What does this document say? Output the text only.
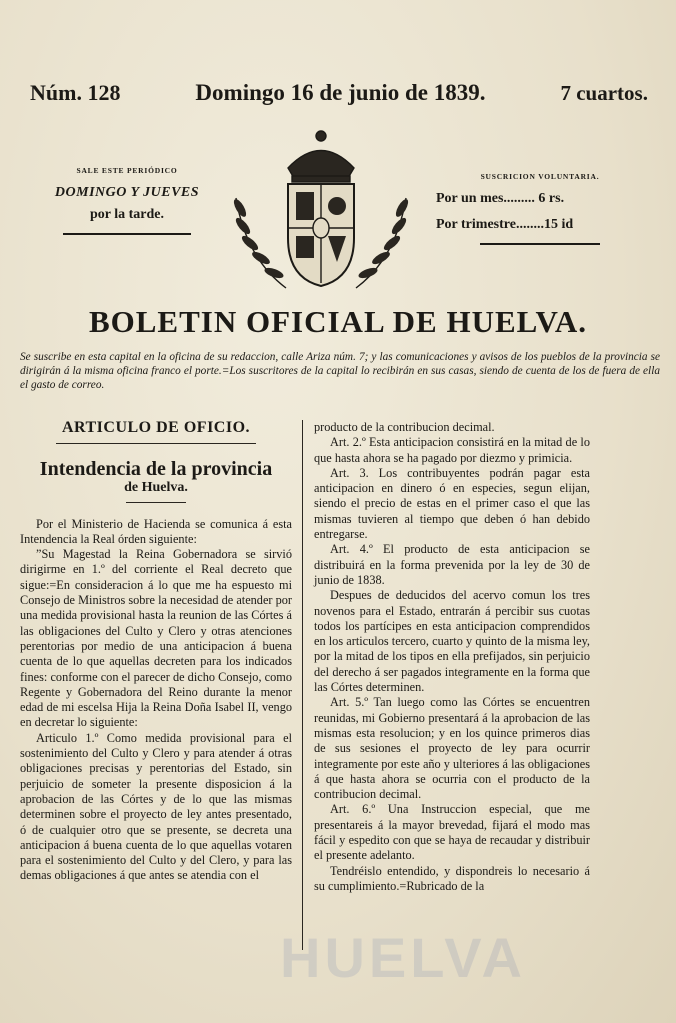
Núm. 128	Domingo 16 de junio de 1839.	7 cuartos.
SALE ESTE PERIÓDICO
DOMINGO Y JUEVES
por la tarde.
SUSCRICION VOLUNTARIA.
Por un mes......... 6 rs.
Por trimestre........15 id
BOLETIN OFICIAL DE HUELVA.
Se suscribe en esta capital en la oficina de su redaccion, calle Ariza núm. 7; y las comunicaciones y avisos de los pueblos de la provincia se dirigirán á la misma oficina franco el porte.=Los suscritores de la capital lo recibirán en sus casas, siendo de cuenta de los de fuera de ella el gasto de correo.
ARTICULO DE OFICIO.
Intendencia de la provincia
de Huelva.

Por el Ministerio de Hacienda se comunica á esta Intendencia la Real órden siguiente:

”Su Magestad la Reina Gobernadora se sirvió dirigirme en 1.º del corriente el Real decreto que sigue:=En consideracion á lo que me ha espuesto mi Consejo de Ministros sobre la necesidad de atender por una medida provisional hasta la reunion de las Córtes á las obligaciones del Culto y Clero y otras atenciones perentorias por medio de una anticipacion á buena cuenta de lo que aquellas decreten para los indicados fines: conforme con el parecer de dicho Consejo, como Regente y Gobernadora del Reino durante la menor edad de mi escelsa Hija la Reina Doña Isabel II, vengo en decretar lo siguiente:

Articulo 1.º Como medida provisional para el sostenimiento del Culto y Clero y para atender á otras obligaciones precisas y perentorias del Estado, sin perjuicio de someter la presente disposicion á la aprobacion de las Córtes y de lo que las mismas determinen sobre el proyecto de ley antes presentado, ó de cualquier otro que se presente, se decreta una anticipacion á buena cuenta de lo que aquellas votaren para el sostenimiento del Culto y del Clero, y para las demas obligaciones á que antes se atendia con el

producto de la contribucion decimal.

Art. 2.º Esta anticipacion consistirá en la mitad de lo que hasta ahora se ha pagado por diezmo y primicia.

Art. 3. Los contribuyentes podrán pagar esta anticipacion en dinero ó en especies, segun elijan, siendo el precio de estas en el primer caso el que las mismas tuvieren al tiempo que deben ó han debido entregarse.

Art. 4.º El producto de esta anticipacion se distribuirá en la forma prevenida por la ley de 30 de junio de 1838.

Despues de deducidos del acervo comun los tres novenos para el Estado, entrarán á percibir sus cuotas todos los partícipes en esta anticipacion comprendidos en los articulos tercero, cuarto y quinto de la misma ley, por la mitad de los tipos en ella prefijados, sin perjuicio del derecho á ser pagados integramente en la forma que las Córtes determinen.

Art. 5.º Tan luego como las Córtes se encuentren reunidas, mi Gobierno presentará á la aprobacion de las mismas esta resolucion; y en los quince primeros dias de sus sesiones el proyecto de ley para ocurrir integramente por este año y ulteriores á las obligaciones á que hasta ahora se ocurria con el producto de la contribucion decimal.

Art. 6.º Una Instruccion especial, que me presentareis á la mayor brevedad, fijará el modo mas fácil y espedito con que se haya de recaudar y distribuir el presente adelanto.

Tendréislo entendido, y dispondreis lo necesario á su cumplimiento.=Rubricado de la

HUELVA
